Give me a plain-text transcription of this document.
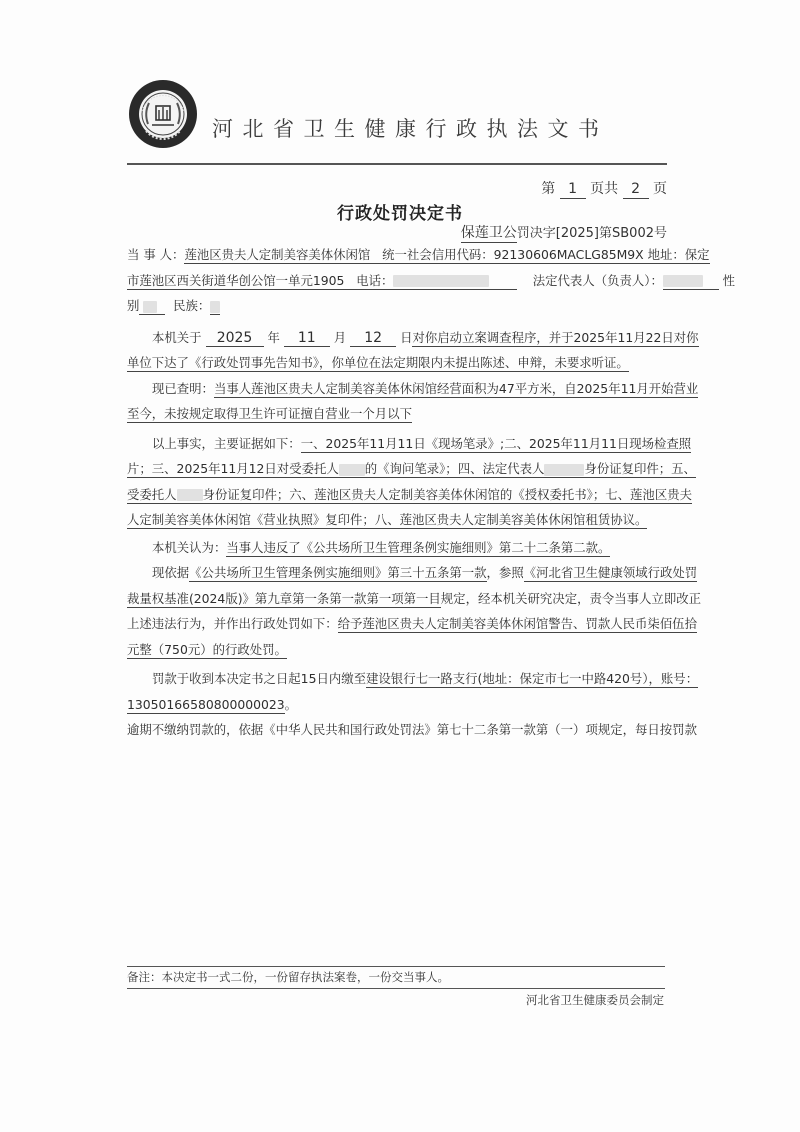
河北省卫生健康行政执法文书
第 1 页共 2 页
行政处罚决定书
保莲卫公罚决字[2025]第SB002号
当 事 人：莲池区贵夫人定制美容美体休闲馆 统一社会信用代码：92130606MACLG85M9X 地址：保定
市莲池区西关街道华创公馆一单元1905 电话：	法定代表人（负责人）：	性
别	民族：
本机关于 2025 年 11 月 12 日对你启动立案调查程序，并于2025年11月22日对你
单位下达了《行政处罚事先告知书》，你单位在法定期限内未提出陈述、申辩，未要求听证。
现已查明：当事人莲池区贵夫人定制美容美体休闲馆经营面积为47平方米，自2025年11月开始营业
至今，未按规定取得卫生许可证擅自营业一个月以下
以上事实，主要证据如下：一、2025年11月11日《现场笔录》;二、2025年11月11日现场检查照
片；三、2025年11月12日对受委托人 的《询问笔录》；四、法定代表人	身份证复印件；五、
受委托人 身份证复印件；六、莲池区贵夫人定制美容美体休闲馆的《授权委托书》；七、莲池区贵夫
人定制美容美体休闲馆《营业执照》复印件；八、莲池区贵夫人定制美容美体休闲馆租赁协议。
本机关认为：当事人违反了《公共场所卫生管理条例实施细则》第二十二条第二款。
现依据《公共场所卫生管理条例实施细则》第三十五条第一款，参照《河北省卫生健康领域行政处罚
裁量权基准(2024版)》第九章第一条第一款第一项第一目规定，经本机关研究决定，责令当事人立即改正
上述违法行为，并作出行政处罚如下：给予莲池区贵夫人定制美容美体休闲馆警告、罚款人民币柒佰伍拾
元整（750元）的行政处罚。
罚款于收到本决定书之日起15日内缴至建设银行七一路支行(地址：保定市七一中路420号），账号：
13050166580800000023。
逾期不缴纳罚款的，依据《中华人民共和国行政处罚法》第七十二条第一款第（一）项规定，每日按罚款
备注：本决定书一式二份，一份留存执法案卷，一份交当事人。
河北省卫生健康委员会制定
